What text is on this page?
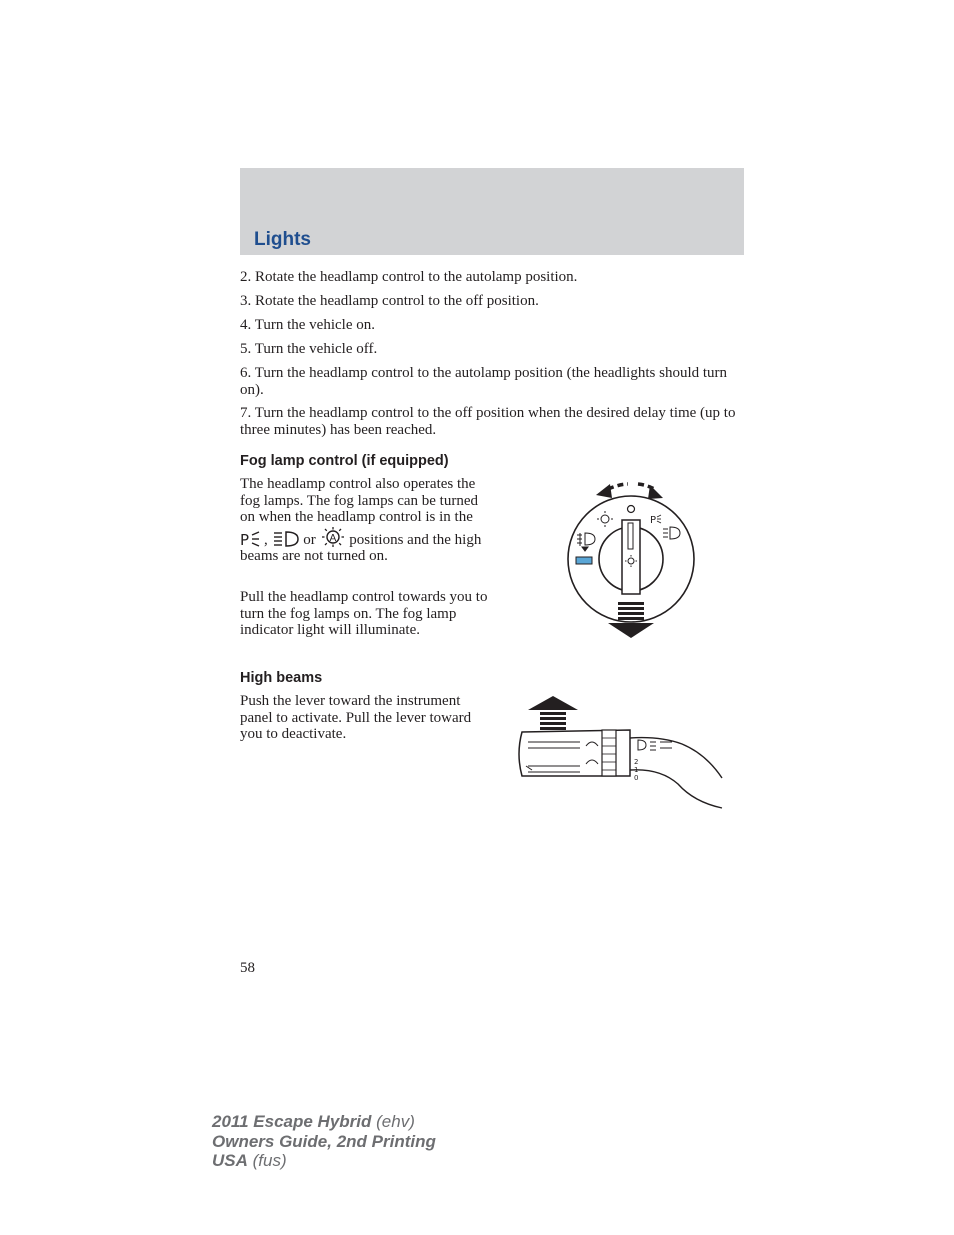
Lights

2. Rotate the headlamp control to the autolamp position.

3. Rotate the headlamp control to the off position.

4. Turn the vehicle on.

5. Turn the vehicle off.

6. Turn the headlamp control to the autolamp position (the headlights should turn on).

7. Turn the headlamp control to the off position when the desired delay time (up to three minutes) has been reached.

Fog lamp control (if equipped)

The headlamp control also operates the fog lamps. The fog lamps can be turned on when the headlamp control is in the
P , or A positions and the high beams are not turned on.

Pull the headlamp control towards you to turn the fog lamps on. The fog lamp indicator light will illuminate.

P

High beams

Push the lever toward the instrument panel to activate. Pull the lever toward you to deactivate.

2
1
0
58
2011 Escape Hybrid (ehv)
Owners Guide, 2nd Printing
USA (fus)
